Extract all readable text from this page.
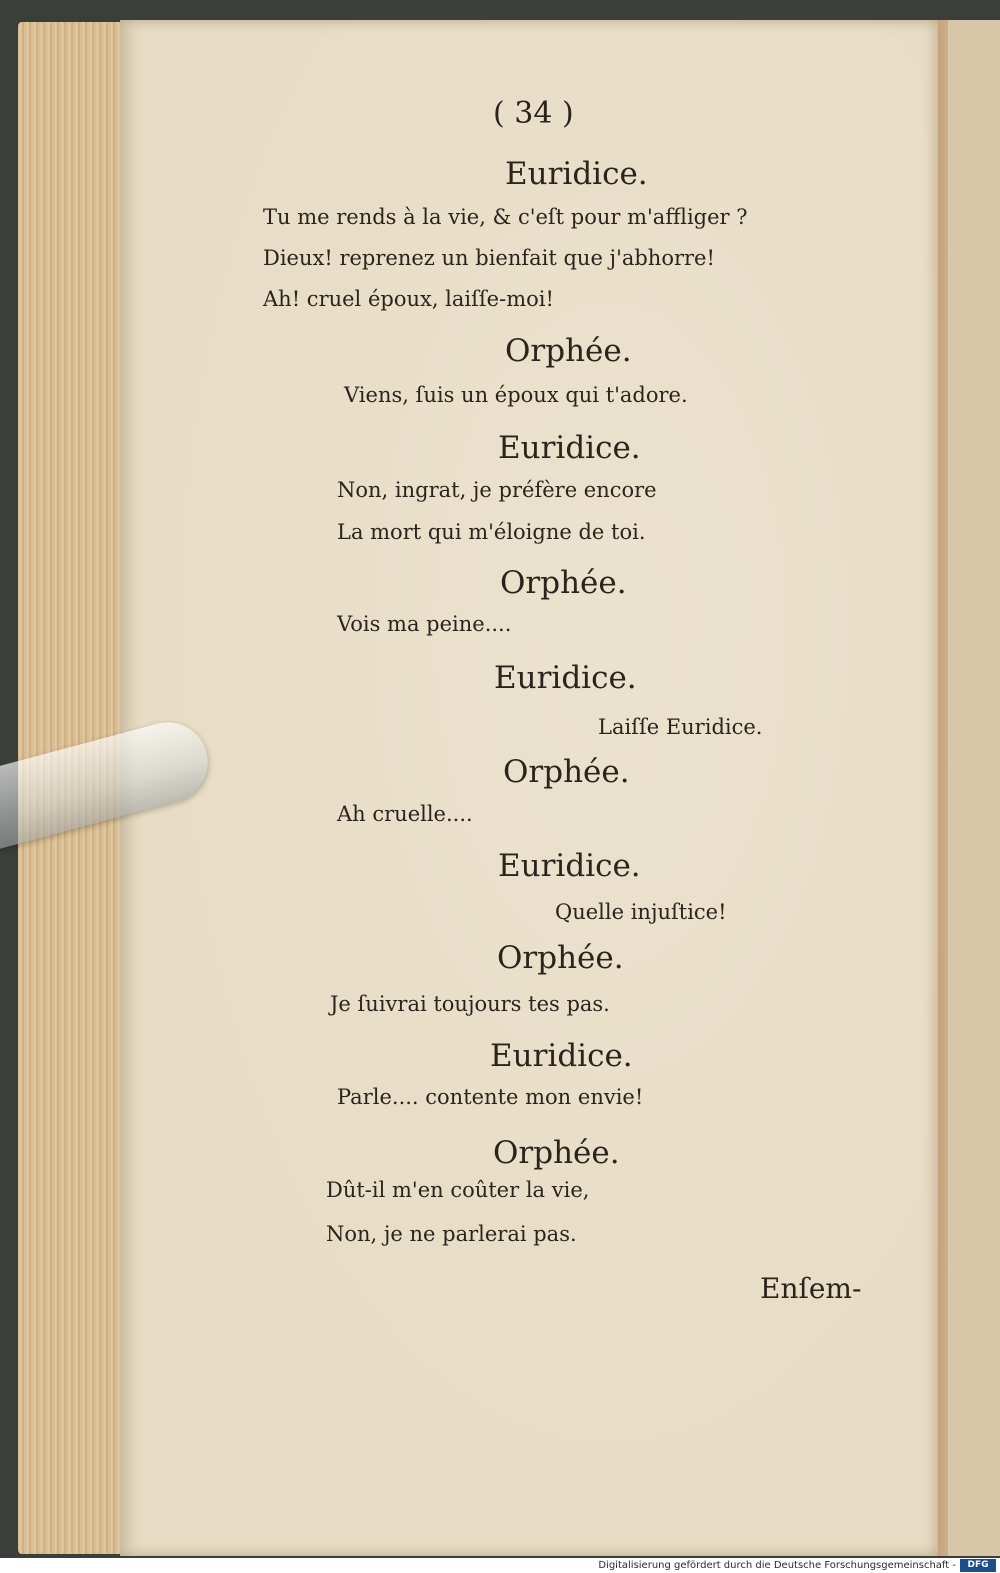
( 34 )
Euridice.
Tu me rends à la vie, & c'eſt pour m'affliger ?
Dieux! reprenez un bienfait que j'abhorre!
Ah! cruel époux, laiſſe-moi!
Orphée.
Viens, ſuis un époux qui t'adore.
Euridice.
Non, ingrat, je préfère encore
La mort qui m'éloigne de toi.
Orphée.
Vois ma peine....
Euridice.
Laiſſe Euridice.
Orphée.
Ah cruelle....
Euridice.
Quelle injuſtice!
Orphée.
Je ſuivrai toujours tes pas.
Euridice.
Parle.... contente mon envie!
Orphée.
Dût-il m'en coûter la vie,
Non, je ne parlerai pas.
Enſem-
Digitalisierung gefördert durch die Deutsche Forschungsgemeinschaft -	DFG
